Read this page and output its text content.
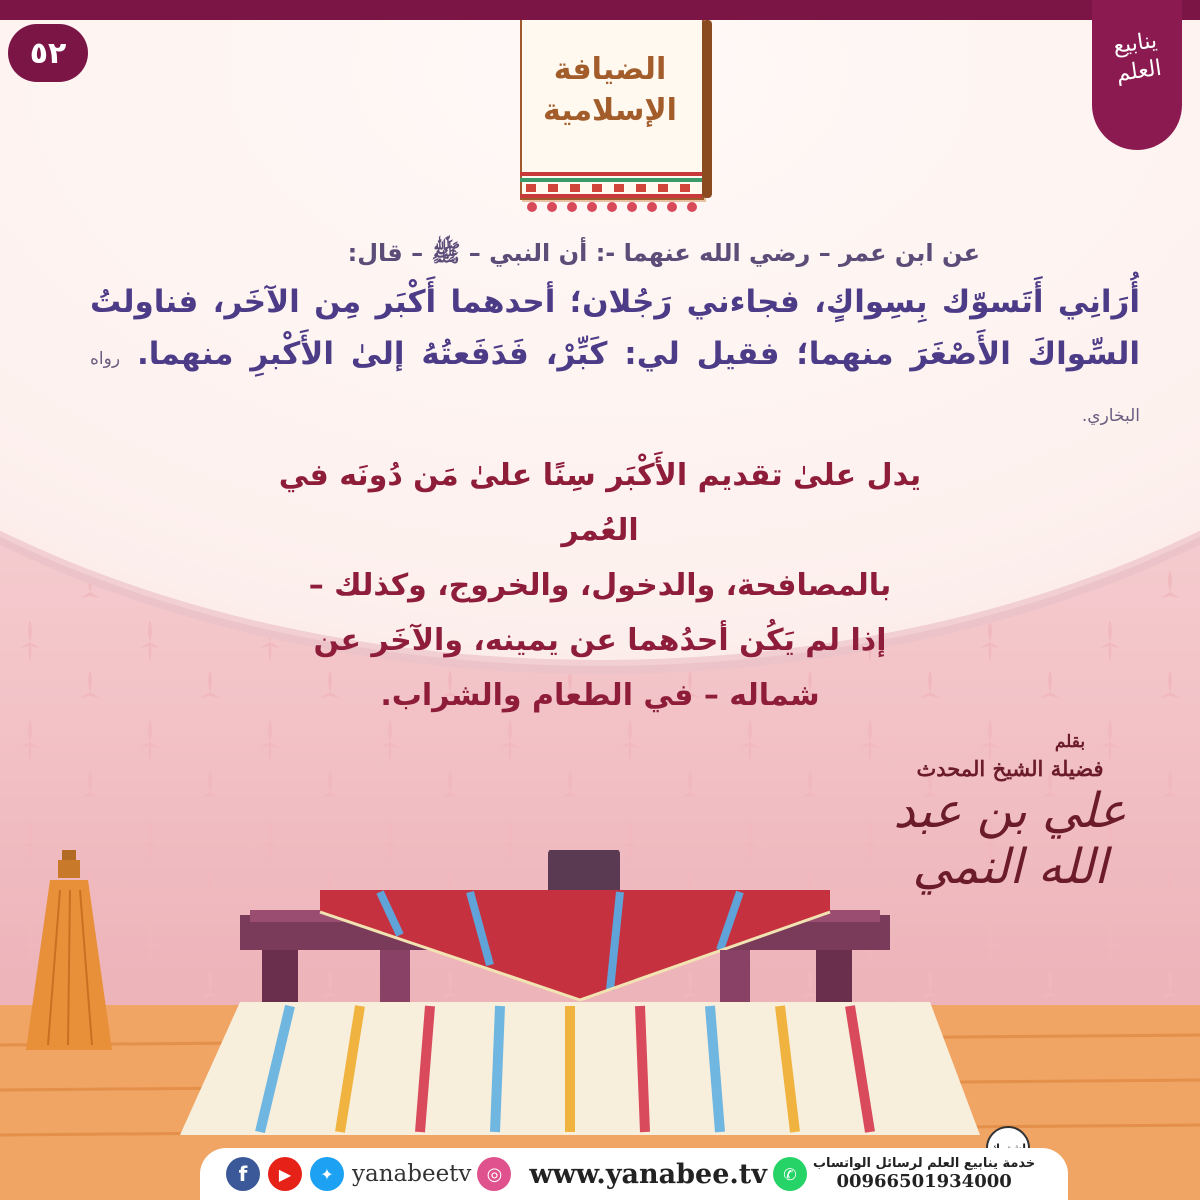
٥٢	ينابيع العلم
الضيافة
الإسلامية
عن ابن عمر – رضي الله عنهما -: أن النبي – ﷺ – قال:
أُرَانِي أَتَسوّك بِسِواكٍ، فجاءني رَجُلان؛ أحدهما أَكْبَر مِن الآخَر، فناولتُ السِّواكَ الأَصْغَرَ منهما؛ فقيل لي: كَبِّرْ، فَدَفَعتُهُ إلىٰ الأَكْبرِ منهما. رواه البخاري.
يدل علىٰ تقديم الأَكْبَر سِنًا علىٰ مَن دُونَه في العُمر
بالمصافحة، والدخول، والخروج، وكذلك –
إذا لم يَكُن أحدُهما عن يمينه، والآخَر عن
شماله – في الطعام والشراب.
بقلم
فضيلة الشيخ المحدث
علي بن عبد الله النمي
f	▶	✦ yanabeetv ◎	www.yanabee.tv	✆
خدمة ينابيع العلم لرسائل الواتساب
00966501934000
